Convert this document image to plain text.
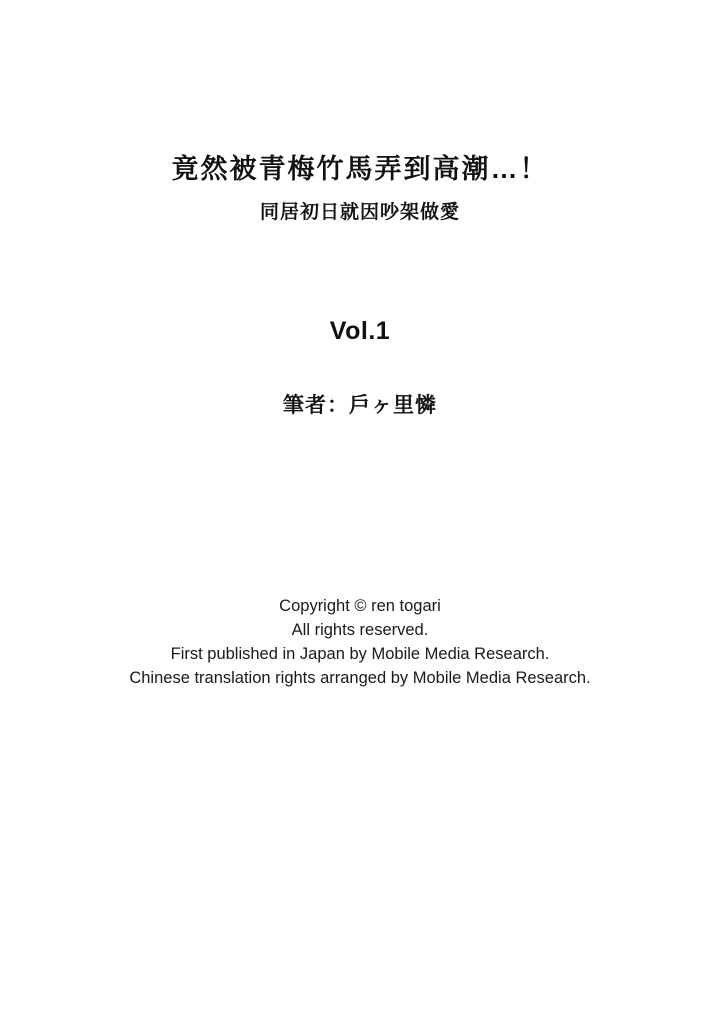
竟然被青梅竹馬弄到高潮…！
同居初日就因吵架做愛
Vol.1
筆者：戶ヶ里憐
Copyright © ren togari
All rights reserved.
First published in Japan by Mobile Media Research.
Chinese translation rights arranged by Mobile Media Research.
